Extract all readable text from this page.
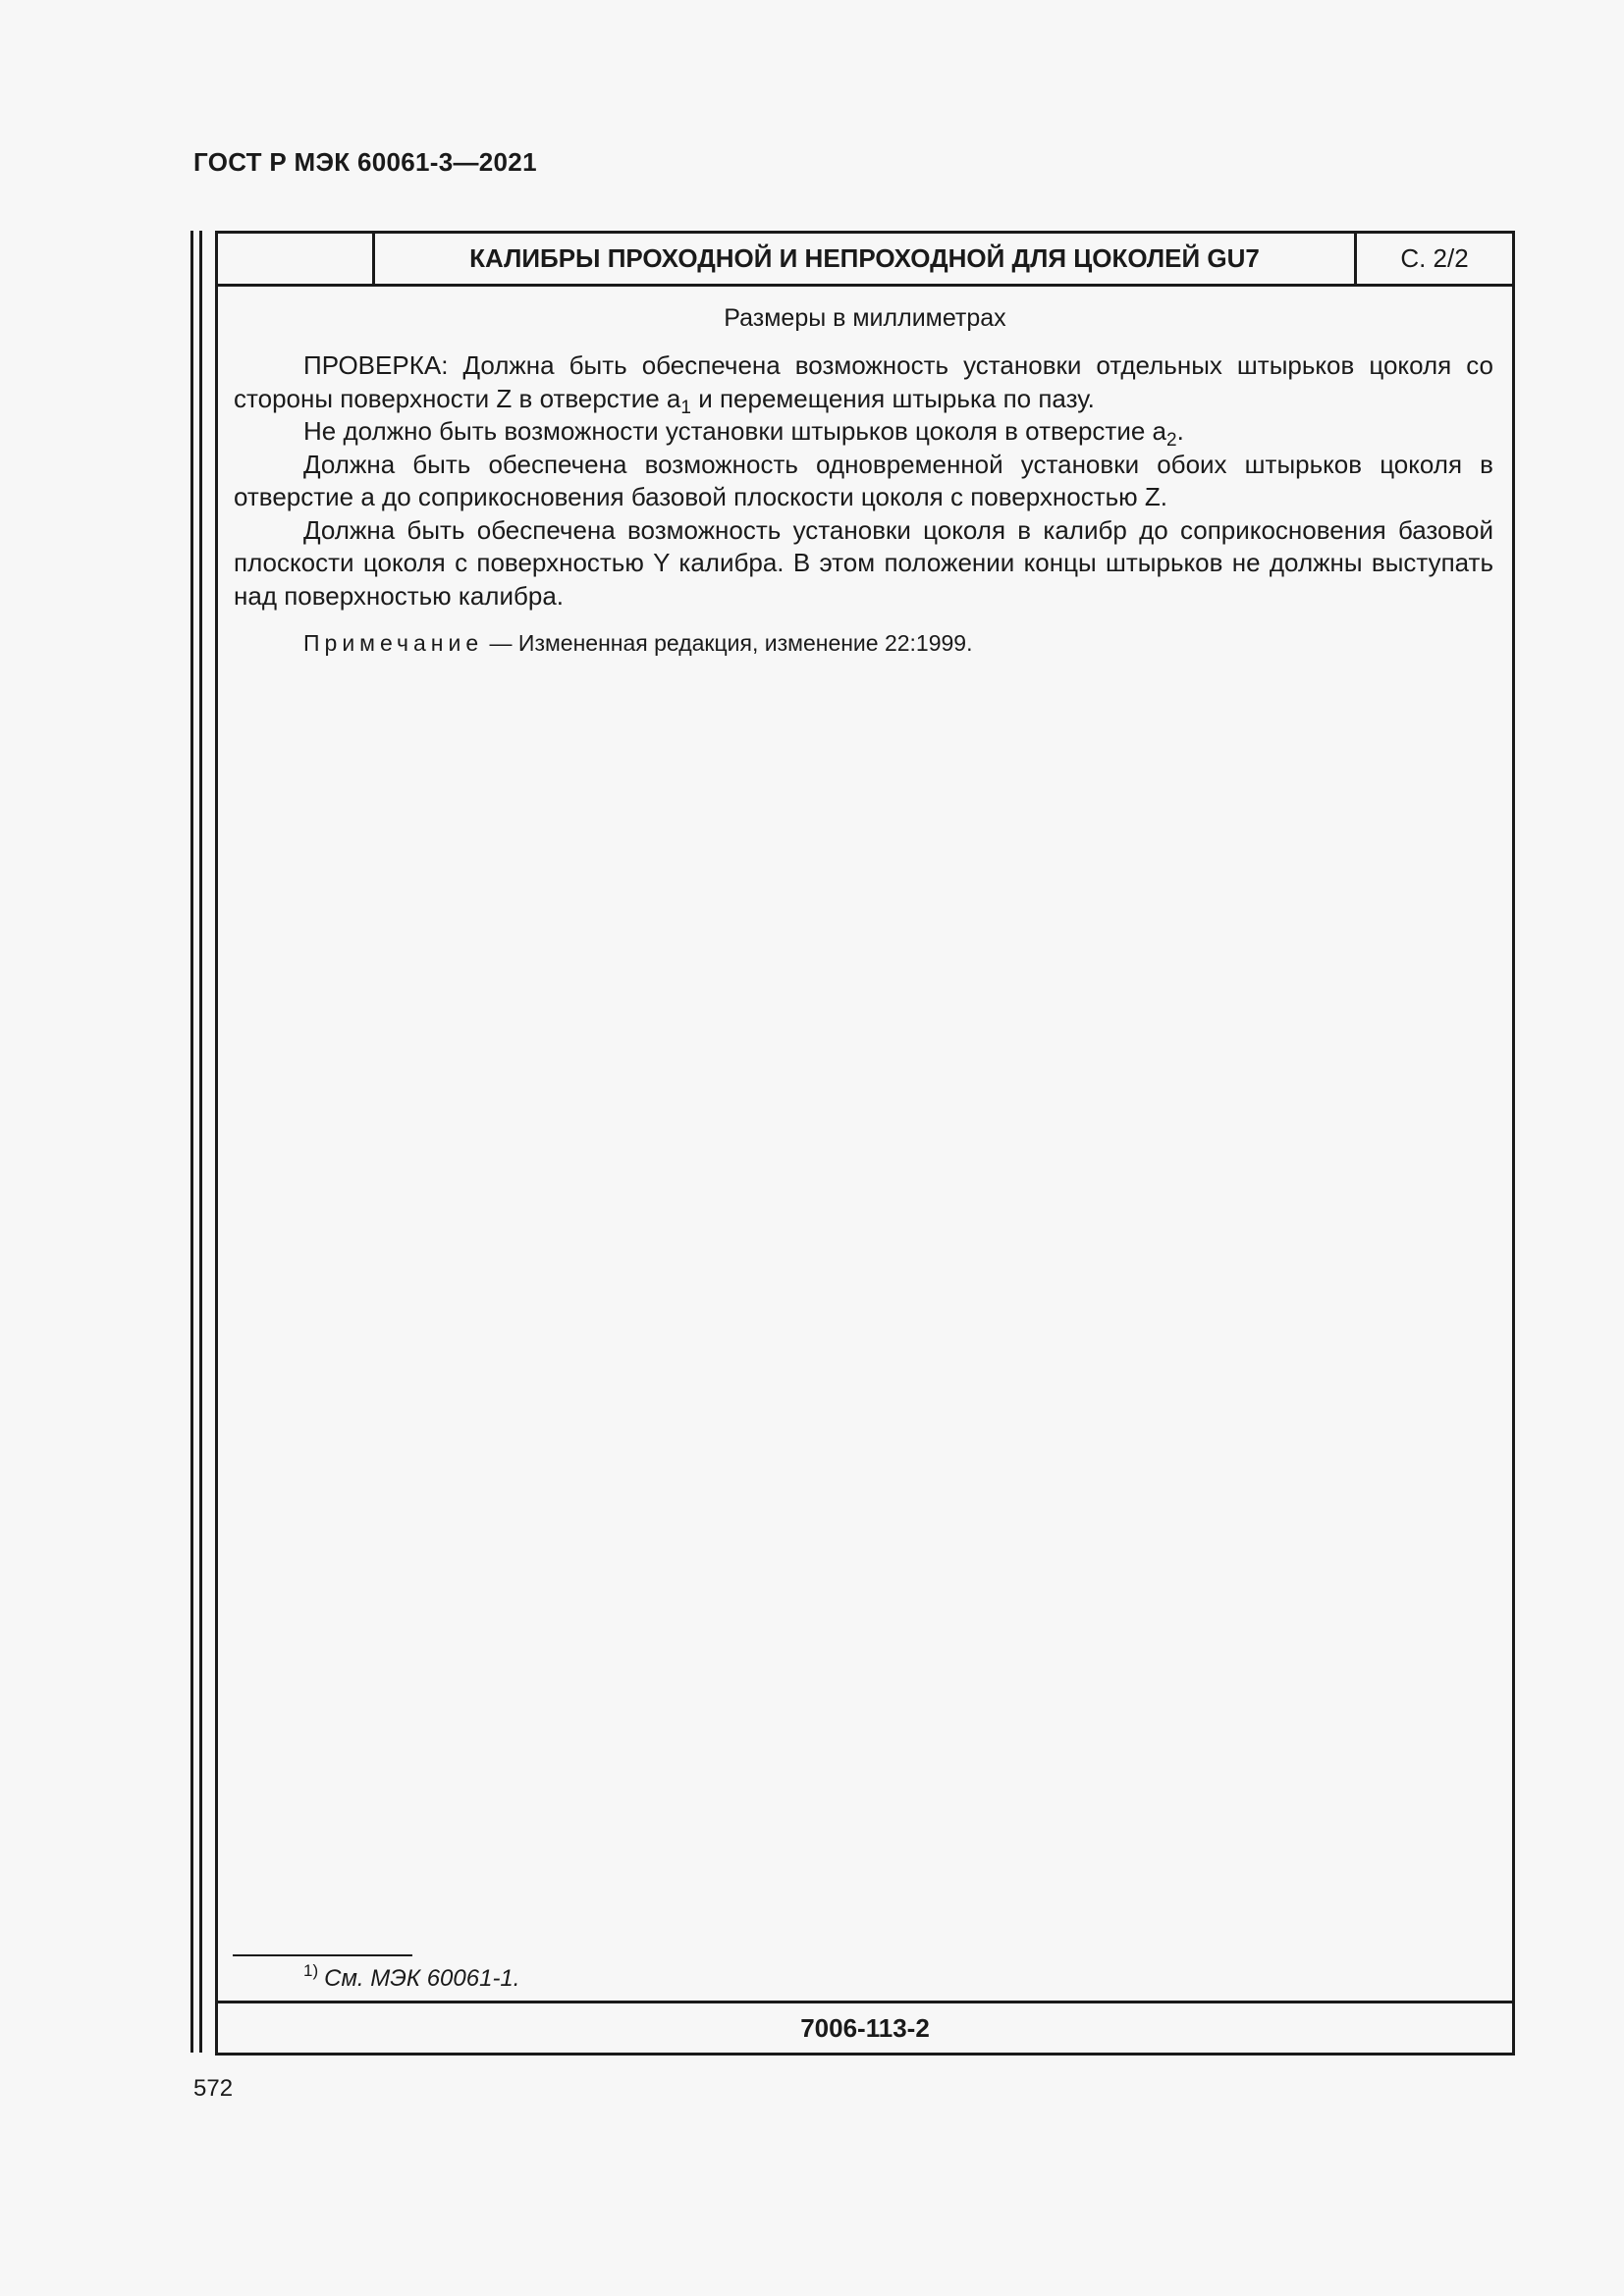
ГОСТ Р МЭК 60061-3—2021
КАЛИБРЫ ПРОХОДНОЙ И НЕПРОХОДНОЙ ДЛЯ ЦОКОЛЕЙ GU7	С. 2/2
Размеры в миллиметрах

ПРОВЕРКА: Должна быть обеспечена возможность установки отдельных штырьков цоколя со стороны поверхности Z в отверстие $a_1$ и перемещения штырька по пазу.

Не должно быть возможности установки штырьков цоколя в отверстие $a_2$.

Должна быть обеспечена возможность одновременной установки обоих штырьков цоколя в отверстие a до соприкосновения базовой плоскости цоколя с поверхностью Z.

Должна быть обеспечена возможность установки цоколя в калибр до соприкосновения базовой плоскости цоколя с поверхностью Y калибра. В этом положении концы штырьков не должны выступать над поверхностью калибра.

Примечание — Измененная редакция, изменение 22:1999.
$^{1)}$ См. МЭК 60061-1.
7006-113-2
572
